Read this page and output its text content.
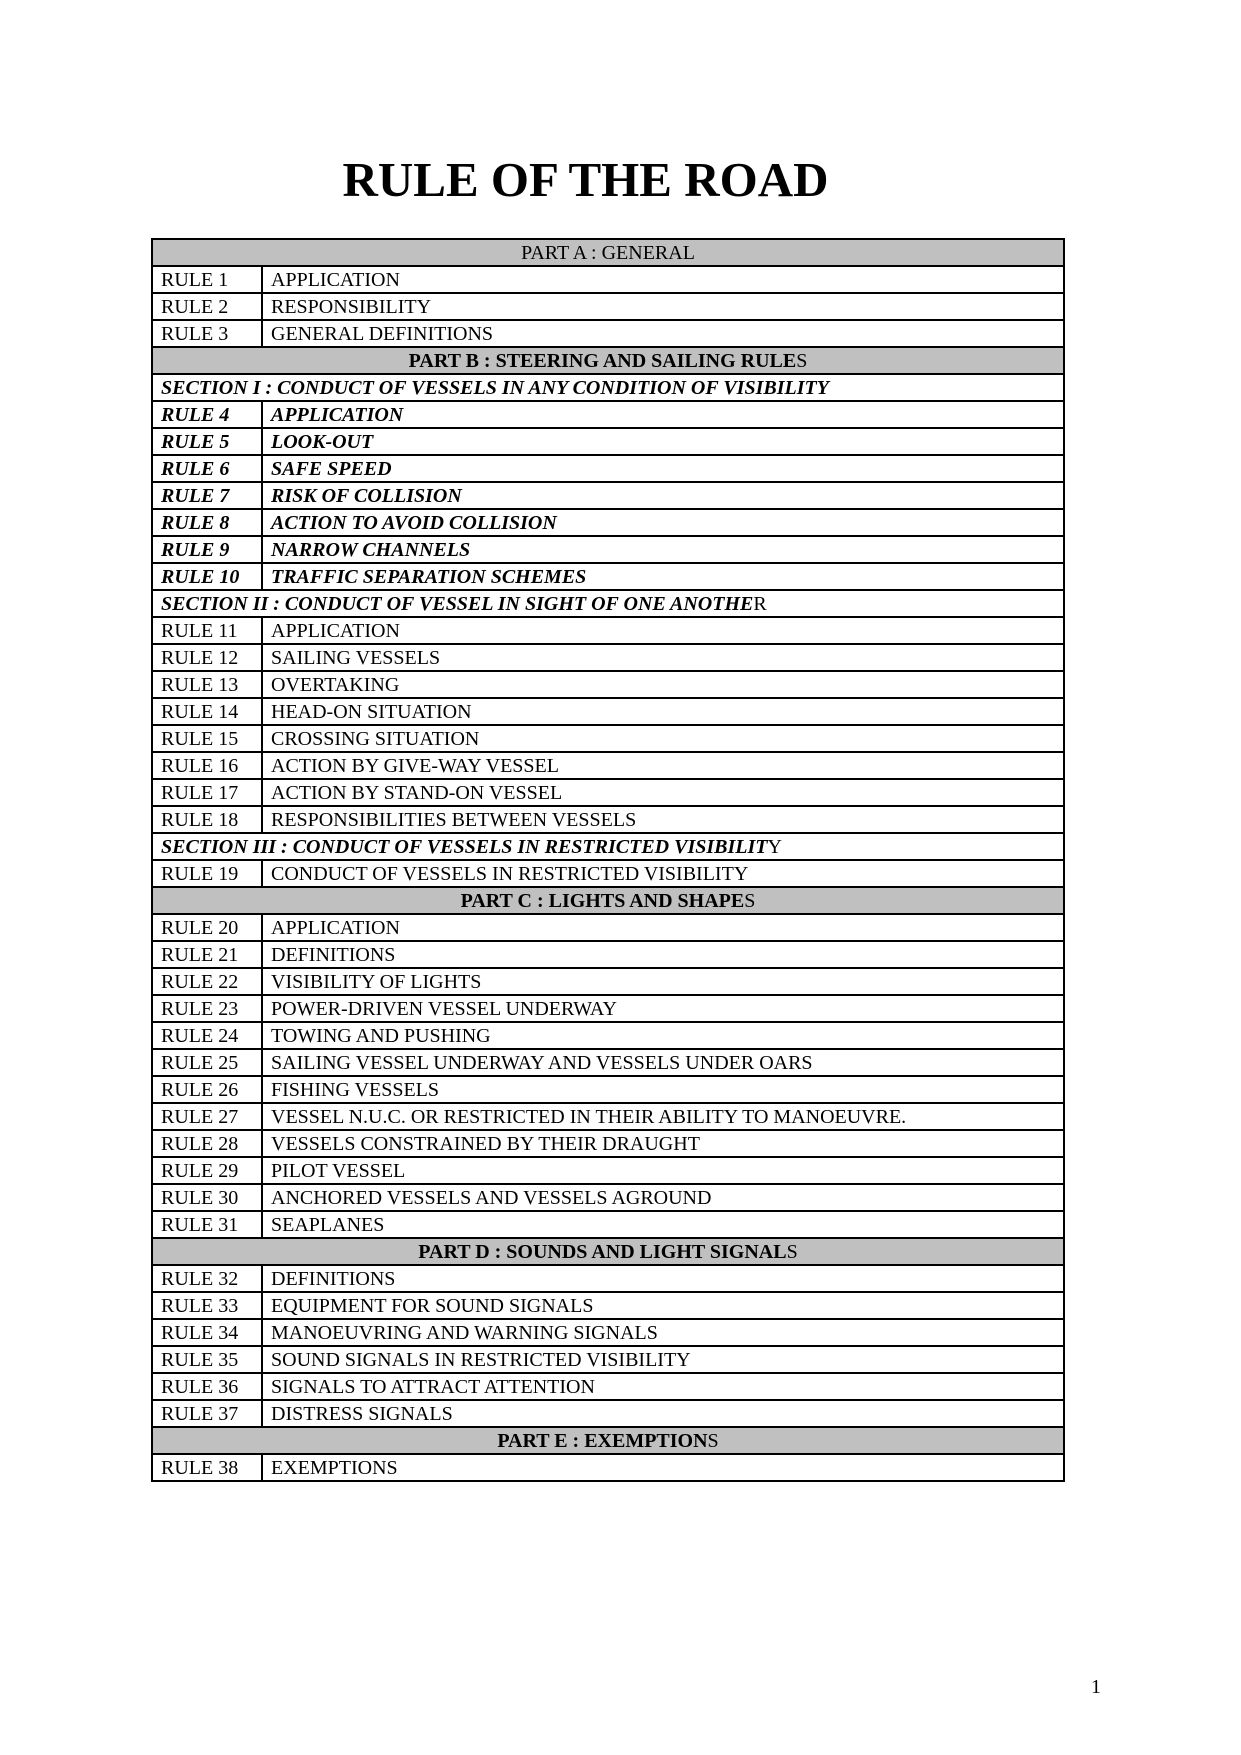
RULE OF THE ROAD
PART A : GENERAL	
RULE 1	APPLICATION
RULE 2	RESPONSIBILITY
RULE 3	GENERAL DEFINITIONS
PART B : STEERING AND SAILING RULES	
SECTION I : CONDUCT OF VESSELS IN ANY CONDITION OF VISIBILITY	
RULE 4	APPLICATION
RULE 5	LOOK-OUT
RULE 6	SAFE SPEED
RULE 7	RISK OF COLLISION
RULE 8	ACTION TO AVOID COLLISION
RULE 9	NARROW CHANNELS
RULE 10	TRAFFIC SEPARATION SCHEMES
SECTION II : CONDUCT OF VESSEL IN SIGHT OF ONE ANOTHER	
RULE 11	APPLICATION
RULE 12	SAILING VESSELS
RULE 13	OVERTAKING
RULE 14	HEAD-ON SITUATION
RULE 15	CROSSING SITUATION
RULE 16	ACTION BY GIVE-WAY VESSEL
RULE 17	ACTION BY STAND-ON VESSEL
RULE 18	RESPONSIBILITIES BETWEEN VESSELS
SECTION III : CONDUCT OF VESSELS IN RESTRICTED VISIBILITY	
RULE 19	CONDUCT OF VESSELS IN RESTRICTED VISIBILITY
PART C : LIGHTS AND SHAPES	
RULE 20	APPLICATION
RULE 21	DEFINITIONS
RULE 22	VISIBILITY OF LIGHTS
RULE 23	POWER-DRIVEN VESSEL UNDERWAY
RULE 24	TOWING AND PUSHING
RULE 25	SAILING VESSEL UNDERWAY AND VESSELS UNDER OARS
RULE 26	FISHING VESSELS
RULE 27	VESSEL N.U.C. OR RESTRICTED IN THEIR ABILITY TO MANOEUVRE.
RULE 28	VESSELS CONSTRAINED BY THEIR DRAUGHT
RULE 29	PILOT VESSEL
RULE 30	ANCHORED VESSELS AND VESSELS AGROUND
RULE 31	SEAPLANES
PART D : SOUNDS AND LIGHT SIGNALS	
RULE 32	DEFINITIONS
RULE 33	EQUIPMENT FOR SOUND SIGNALS
RULE 34	MANOEUVRING AND WARNING SIGNALS
RULE 35	SOUND SIGNALS IN RESTRICTED VISIBILITY
RULE 36	SIGNALS TO ATTRACT ATTENTION
RULE 37	DISTRESS SIGNALS
PART E : EXEMPTIONS	
RULE 38	EXEMPTIONS
1
